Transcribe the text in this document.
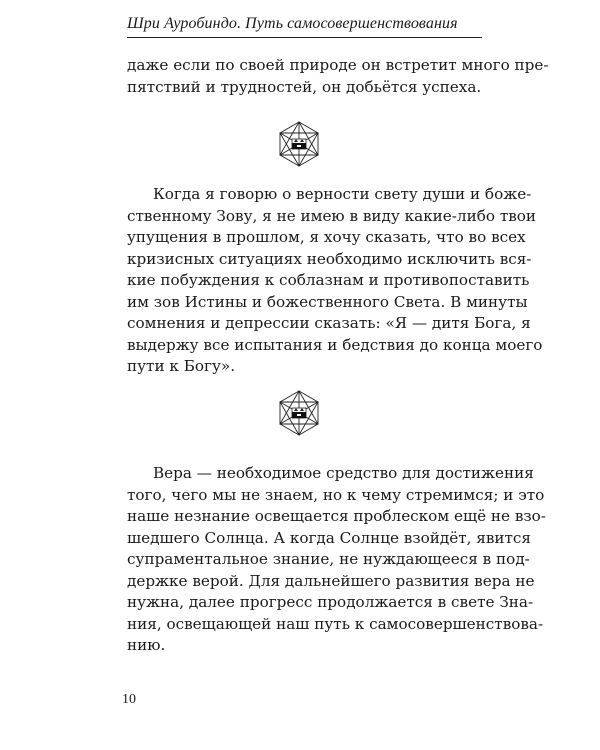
Шри Ауробиндо. Путь самосовершенствования
даже если по своей природе он встретит много пре-
пятствий и трудностей, он добьётся успеха.
Когда я говорю о верности свету души и боже-
ственному Зову, я не имею в виду какие-либо твои
упущения в прошлом, я хочу сказать, что во всех
кризисных ситуациях необходимо исключить вся-
кие побуждения к соблазнам и противопоставить
им зов Истины и божественного Света. В минуты
сомнения и депрессии сказать: «Я — дитя Бога, я
выдержу все испытания и бедствия до конца моего
пути к Богу».
Вера — необходимое средство для достижения
того, чего мы не знаем, но к чему стремимся; и это
наше незнание освещается проблеском ещё не взо-
шедшего Солнца. А когда Солнце взойдёт, явится
супраментальное знание, не нуждающееся в под-
держке верой. Для дальнейшего развития вера не
нужна, далее прогресс продолжается в свете Зна-
ния, освещающей наш путь к самосовершенствова-
нию.
10
